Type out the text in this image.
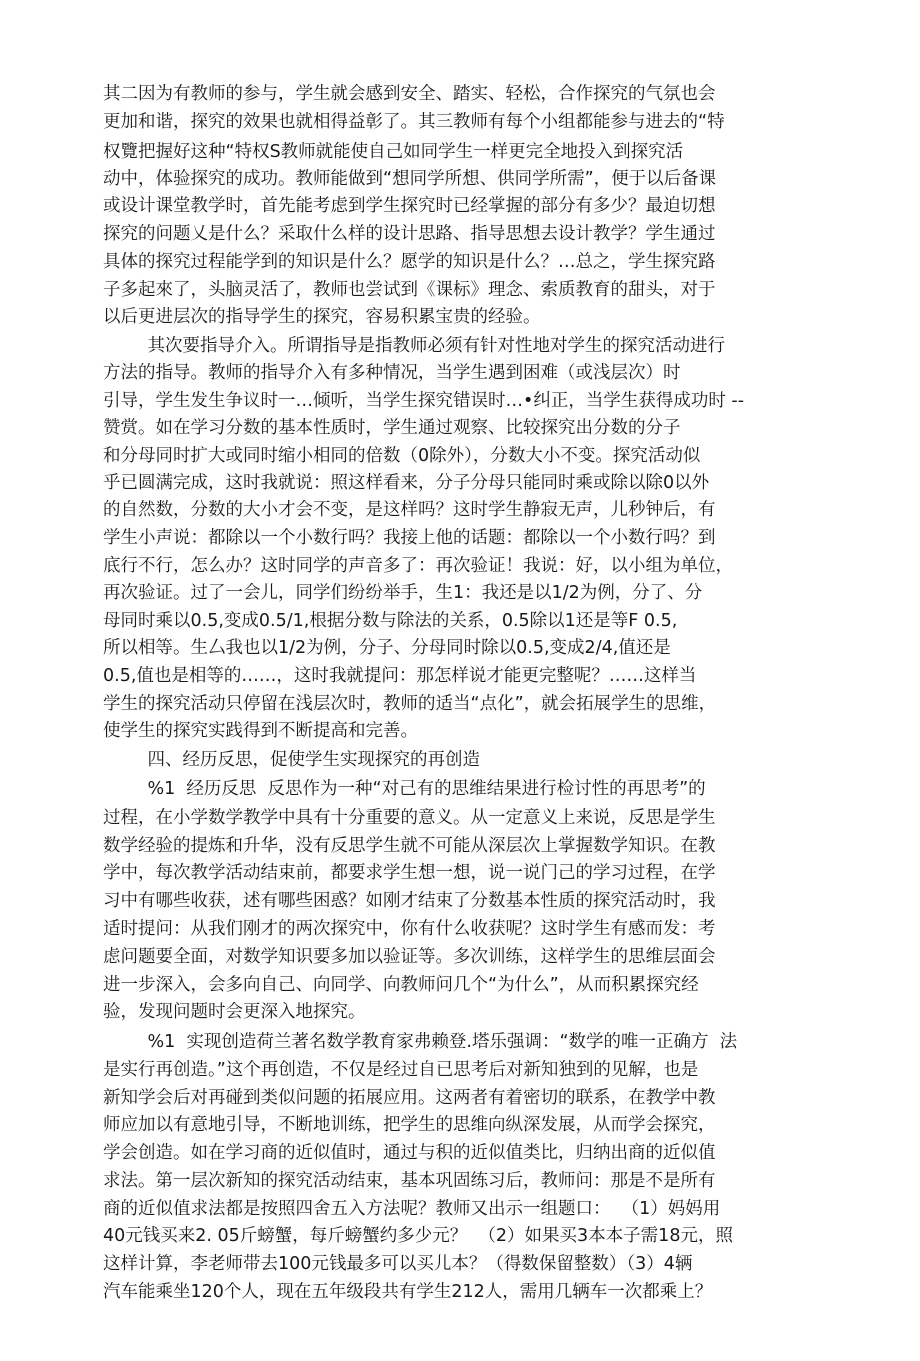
其二因为有教师的参与，学生就会感到安全、踏实、轻松，合作探究的气氛也会
更加和谐，探究的效果也就相得益彰了。其三教师有每个小组都能参与进去的“特
权覽把握好这种“特权S教师就能使自己如同学生一样更完全地投入到探究活
动中，体验探究的成功。教师能做到“想同学所想、供同学所需”，便于以后备课
或设计课堂教学时，首先能考虑到学生探究时已经掌握的部分有多少？最迫切想
探究的问题乂是什么？采取什么样的设计思路、指导思想去设计教学？学生通过
具体的探究过程能学到的知识是什么？愿学的知识是什么？…总之，学生探究路
子多起來了，头脑灵活了，教师也尝试到《课标》理念、索质教育的甜头，对于
以后更进层次的指导学生的探究，容易积累宝贵的经验。
其次要指导介入。所谓指导是指教师必须有针对性地对学生的探究活动进行
方法的指导。教师的指导介入有多种情况，当学生遇到困难（或浅层次）时
引导，学生发生争议时一…倾听，当学生探究错误时…•纠正，当学生获得成功时 --
赞赏。如在学习分数的基本性质时，学生通过观察、比较探究出分数的分子
和分母同时扩大或同时缩小相同的倍数（0除外），分数大小不变。探究活动似
乎已圆满完成，这时我就说：照这样看来，分子分母只能同时乘或除以除0以外
的自然数，分数的大小才会不变，是这样吗？这时学生静寂无声，儿秒钟后，有
学生小声说：都除以一个小数行吗？我接上他的话题：都除以一个小数行吗？到
底行不行，怎么办？这时同学的声音多了：再次验证！我说：好，以小组为单位，
再次验证。过了一会儿，同学们纷纷举手，生1：我还是以1/2为例，分了、分
母同时乘以0.5,变成0.5/1,根据分数与除法的关系，0.5除以1还是等F 0.5,
所以相等。生厶我也以1/2为例，分子、分母同时除以0.5,变成2/4,值还是
0.5,值也是相等的……，这时我就提问：那怎样说才能更完整呢？……这样当
学生的探究活动只停留在浅层次时，教师的适当“点化”，就会拓展学生的思维，
使学生的探究实践得到不断提高和完善。
四、经历反思，促使学生实现探究的再创造
%1  经历反思  反思作为一种“对己有的思维结果进行检讨性的再思考”的
过程，在小学数学教学中具有十分重要的意义。从一定意义上来说，反思是学生
数学经验的提炼和升华，没有反思学生就不可能从深层次上掌握数学知识。在教
学中，每次教学活动结束前，都要求学生想一想，说一说门己的学习过程，在学
习中有哪些收获，述有哪些困惑？如刚才结束了分数基本性质的探究活动时，我
适时提问：从我们刚才的两次探究中，你有什么收获呢？这时学生有感而发：考
虑问题要全面，对数学知识要多加以验证等。多次训练，这样学生的思维层面会
进一步深入，会多向自己、向同学、向教师问几个“为什么”，从而积累探究经
验，发现问题时会更深入地探究。
%1  实现创造荷兰著名数学教育家弗赖登.塔乐强调：“数学的唯一正确方  法
是实行再创造。”这个再创造，不仅是经过自已思考后对新知独到的见解，也是
新知学会后对再碰到类似问题的拓展应用。这两者有着密切的联系，在教学中教
师应加以有意地引导，不断地训练，把学生的思维向纵深发展，从而学会探究，
学会创造。如在学习商的近似值时，通过与积的近似值类比，归纳出商的近似值
求法。第一层次新知的探究活动结束，基本巩固练习后，教师问：那是不是所有
商的近似值求法都是按照四舍五入方法呢？教师又出示一组题口：  （1）妈妈用
40元钱买来2. 05斤螃蟹，每斤螃蟹约多少元？  （2）如果买3本本子需18元，照
这样计算，李老师带去100元钱最多可以买儿本？（得数保留整数）（3）4辆
汽车能乘坐120个人，现在五年级段共有学生212人，需用几辆车一次都乘上？
